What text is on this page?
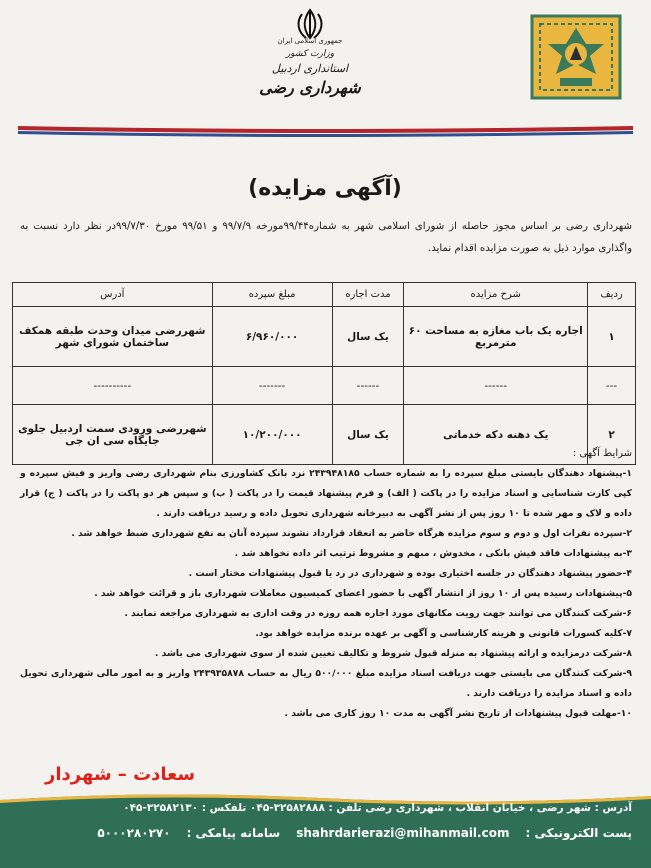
جمهوری اسلامی ایران
وزارت کشور
استانداری اردبیل
شهرداری رضی
(آگهی مزایده)

شهرداری رضی بر اساس مجوز حاصله از شورای اسلامی شهر به شماره۹۹/۴۴مورخه ۹۹/۷/۹ و ۹۹/۵۱ مورخ ۹۹/۷/۳۰در نظر دارد نسبت به واگذاری موارد ذیل به صورت مزایده اقدام نماید.

ردیف	شرح مزایده	مدت اجاره	مبلغ سپرده	آدرس
۱	اجاره یک باب مغازه به مساحت ۶۰ مترمربع	یک سال	۶/۹۶۰/۰۰۰	شهررضی میدان وحدت طبقه همکف ساختمان شورای شهر
---	------	------	-------	----------
۲	یک دهنه دکه خدماتی	یک سال	۱۰/۲۰۰/۰۰۰	شهررضی ورودی سمت اردبیل جلوی جایگاه سی ان جی
شرایط آگهی :
۱-پیشنهاد دهندگان بایستی مبلغ سپرده را به شماره حساب ۲۴۳۹۴۸۱۸۵ نزد بانک کشاورزی بنام شهرداری رضی واریز و فیش سپرده و کپی کارت شناسایی و اسناد مزایده را در پاکت ( الف) و فرم پیشنهاد قیمت را در پاکت ( ب) و سپس هر دو پاکت را در پاکت ( ج) قرار داده و لاک و مهر شده تا ۱۰ روز پس از نشر آگهی به دبیرخانه شهرداری تحویل داده و رسید دریافت دارند .
۲-سپرده نفرات اول و دوم و سوم مزایده هرگاه حاضر به انعقاد قرارداد نشوند سپرده آنان به نفع شهرداری ضبط خواهد شد .
۳-به پیشنهادات فاقد فیش بانکی ، مخدوش ، مبهم و مشروط ترتیب اثر داده نخواهد شد .
۴-حضور پیشنهاد دهندگان در جلسه اختیاری بوده و شهرداری در رد یا قبول پیشنهادات مختار است .
۵-پیشنهادات رسیده پس از ۱۰ روز از انتشار آگهی با حضور اعضای کمیسیون معاملات شهرداری باز و قرائت خواهد شد .
۶-شرکت کنندگان می توانند جهت رویت مکانهای مورد اجاره همه روزه در وقت اداری به شهرداری مراجعه نمایند .
۷-کلیه کسورات قانونی و هزینه کارشناسی و آگهی بر عهده برنده مزایده خواهد بود.
۸-شرکت درمزایده و ارائه پیشنهاد به منزله قبول شروط و تکالیف تعیین شده از سوی شهرداری می باشد .
۹-شرکت کنندگان می بایستی جهت دریافت اسناد مزایده مبلغ ۵۰۰/۰۰۰ ریال به حساب ۲۴۳۹۳۵۸۷۸ واریز و به امور مالی شهرداری تحویل داده و اسناد مزایده را دریافت دارند .
۱۰-مهلت قبول پیشنهادات از تاریخ نشر آگهی به مدت ۱۰ روز کاری می باشد .
سعادت – شهردار
آدرس : شهر رضی ، خیابان انقلاب ، شهرداری رضی تلفن : ۳۲۵۸۲۸۸۸-۰۴۵ تلفکس : ۳۲۵۸۲۱۳۰-۰۴۵
پست الکترونیکی :shahrdarierazi@mihanmail.comسامانه پیامکی :۵۰۰۰۲۸۰۲۷۰
